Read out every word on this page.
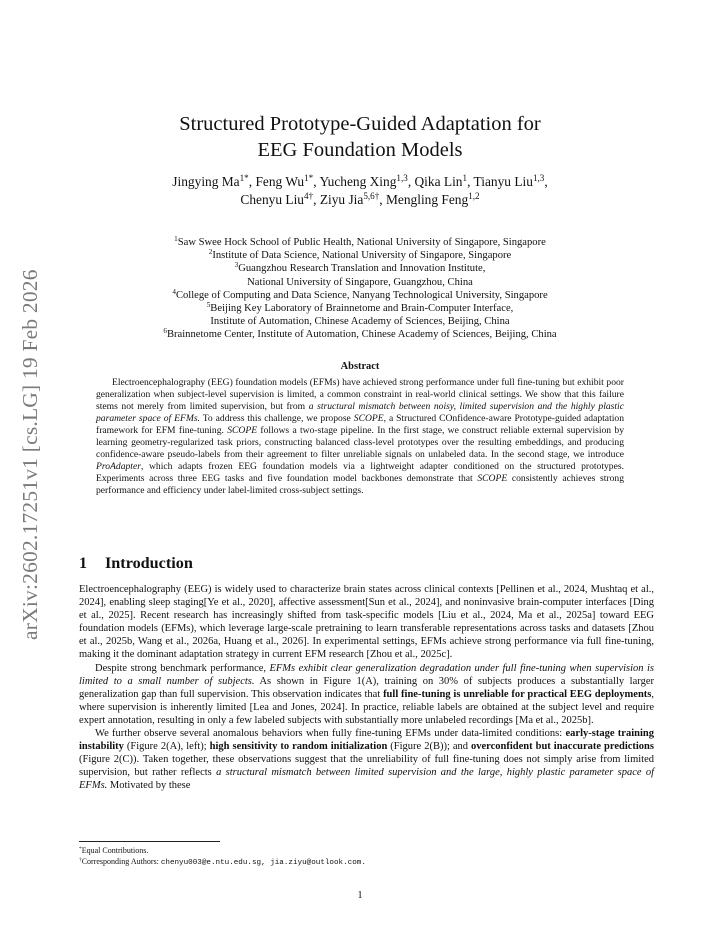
arXiv:2602.17251v1 [cs.LG] 19 Feb 2026
Structured Prototype-Guided Adaptation for
EEG Foundation Models
Jingying $Ma^{1*}$, Feng $Wu^{1*}$, Yucheng Xing$^{1,3}$, Qika Lin$^1$, Tianyu Liu$^{1,3}$,
Chenyu Liu$^{4\dagger}$, Ziyu Jia$^{5,6\dagger}$, Mengling Feng$^{1,2}$
$^1$Saw Swee Hock School of Public Health, National University of Singapore, Singapore
$^2$Institute of Data Science, National University of Singapore, Singapore
$^3$Guangzhou Research Translation and Innovation Institute,
National University of Singapore, Guangzhou, China
$^4$College of Computing and Data Science, Nanyang Technological University, Singapore
$^5$Beijing Key Laboratory of Brainnetome and Brain-Computer Interface,
Institute of Automation, Chinese Academy of Sciences, Beijing, China
$^6$Brainnetome Center, Institute of Automation, Chinese Academy of Sciences, Beijing, China
Abstract

Electroencephalography (EEG) foundation models (EFMs) have achieved strong performance under full fine-tuning but exhibit poor generalization when subject-level supervision is limited, a common constraint in real-world clinical settings. We show that this failure stems not merely from limited supervision, but from a structural mismatch between noisy, limited supervision and the highly plastic parameter space of EFMs. To address this challenge, we propose SCOPE, a Structured COnfidence-aware Prototype-guided adaptation framework for EFM fine-tuning. SCOPE follows a two-stage pipeline. In the first stage, we construct reliable external supervision by learning geometry-regularized task priors, constructing balanced class-level prototypes over the resulting embeddings, and producing confidence-aware pseudo-labels from their agreement to filter unreliable signals on unlabeled data. In the second stage, we introduce ProAdapter, which adapts frozen EEG foundation models via a lightweight adapter conditioned on the structured prototypes. Experiments across three EEG tasks and five foundation model backbones demonstrate that SCOPE consistently achieves strong performance and efficiency under label-limited cross-subject settings.

1 Introduction

Electroencephalography (EEG) is widely used to characterize brain states across clinical contexts [Pellinen et al., 2024, Mushtaq et al., 2024], enabling sleep staging[Ye et al., 2020], affective assessment[Sun et al., 2024], and noninvasive brain-computer interfaces [Ding et al., 2025]. Recent research has increasingly shifted from task-specific models [Liu et al., 2024, Ma et al., 2025a] toward EEG foundation models (EFMs), which leverage large-scale pretraining to learn transferable representations across tasks and datasets [Zhou et al., 2025b, Wang et al., 2026a, Huang et al., 2026]. In experimental settings, EFMs achieve strong performance via full fine-tuning, making it the dominant adaptation strategy in current EFM research [Zhou et al., 2025c].

Despite strong benchmark performance, EFMs exhibit clear generalization degradation under full fine-tuning when supervision is limited to a small number of subjects. As shown in Figure 1(A), training on 30% of subjects produces a substantially larger generalization gap than full supervision. This observation indicates that full fine-tuning is unreliable for practical EEG deployments, where supervision is inherently limited [Lea and Jones, 2024]. In practice, reliable labels are obtained at the subject level and require expert annotation, resulting in only a few labeled subjects with substantially more unlabeled recordings [Ma et al., 2025b].

We further observe several anomalous behaviors when fully fine-tuning EFMs under data-limited conditions: early-stage training instability (Figure 2(A), left); high sensitivity to random initialization (Figure 2(B)); and overconfident but inaccurate predictions (Figure 2(C)). Taken together, these observations suggest that the unreliability of full fine-tuning does not simply arise from limited supervision, but rather reflects a structural mismatch between limited supervision and the large, highly plastic parameter space of EFMs. Motivated by these

*Equal Contributions.
†Corresponding Authors: chenyu003@e.ntu.edu.sg, jia.ziyu@outlook.com.
1
